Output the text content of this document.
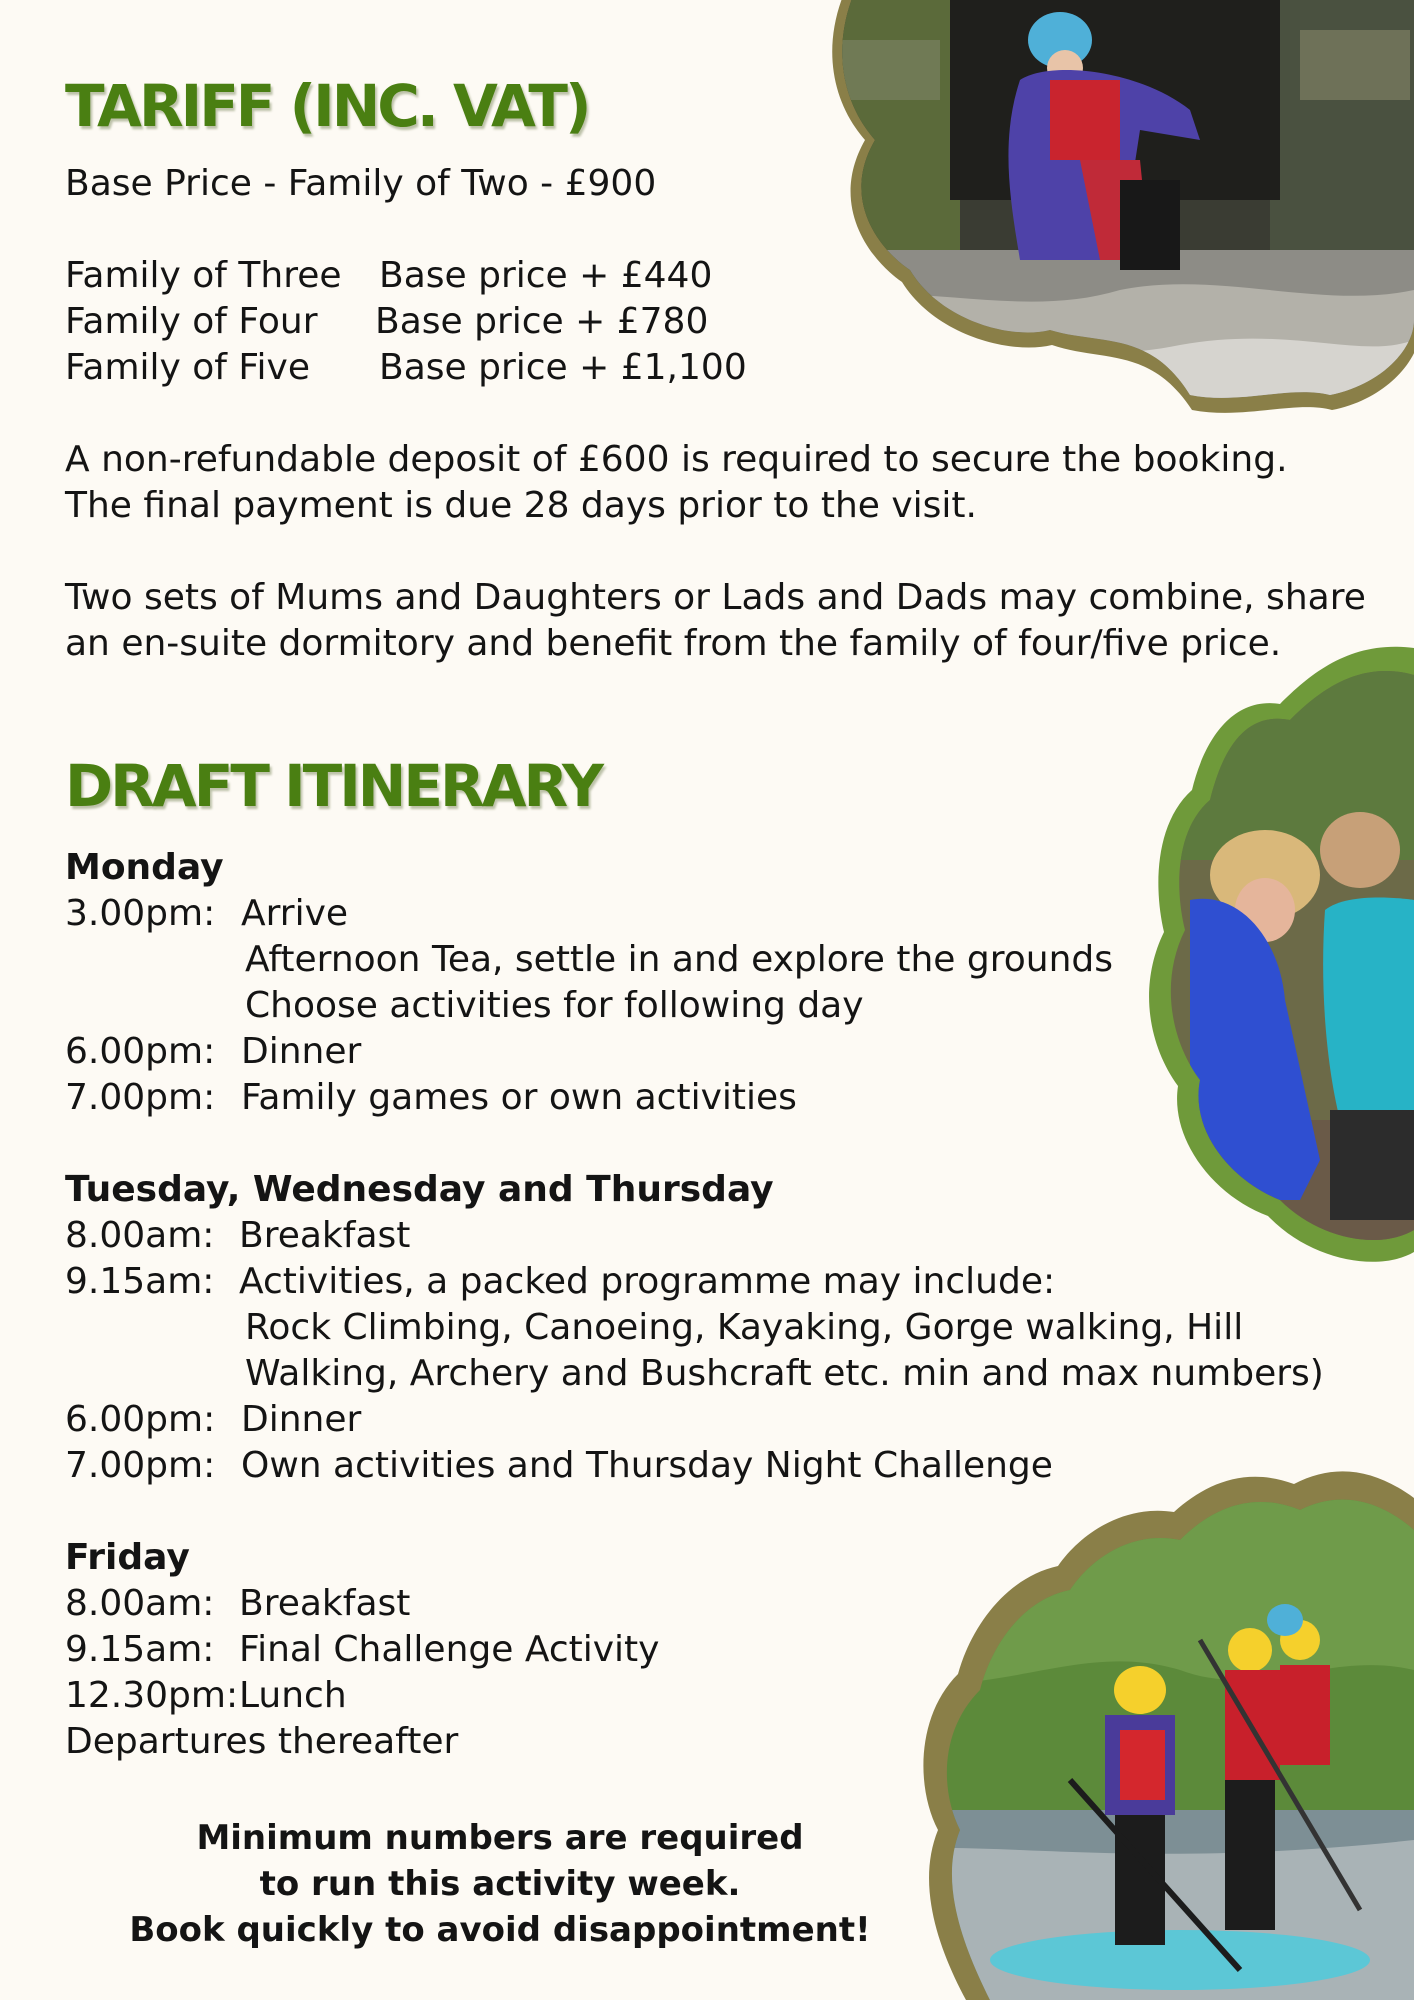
TARIFF (INC. VAT)
Base Price - Family of Two - £900
Family of Three	Base price + £440
Family of Four	Base price + £780
Family of Five	Base price + £1,100
A non-refundable deposit of £600 is required to secure the booking.
The final payment is due 28 days prior to the visit.
Two sets of Mums and Daughters or Lads and Dads may combine, share
an en-suite dormitory and benefit from the family of four/five price.
DRAFT ITINERARY
Monday
3.00pm: Arrive
Afternoon Tea, settle in and explore the grounds
Choose activities for following day
6.00pm: Dinner
7.00pm: Family games or own activities
Tuesday, Wednesday and Thursday
8.00am: Breakfast
9.15am: Activities, a packed programme may include:
Rock Climbing, Canoeing, Kayaking, Gorge walking, Hill
Walking, Archery and Bushcraft etc. min and max numbers)
6.00pm: Dinner
7.00pm: Own activities and Thursday Night Challenge
Friday
8.00am: Breakfast
9.15am: Final Challenge Activity
12.30pm: Lunch
Departures thereafter
Minimum numbers are required
to run this activity week.
Book quickly to avoid disappointment!
